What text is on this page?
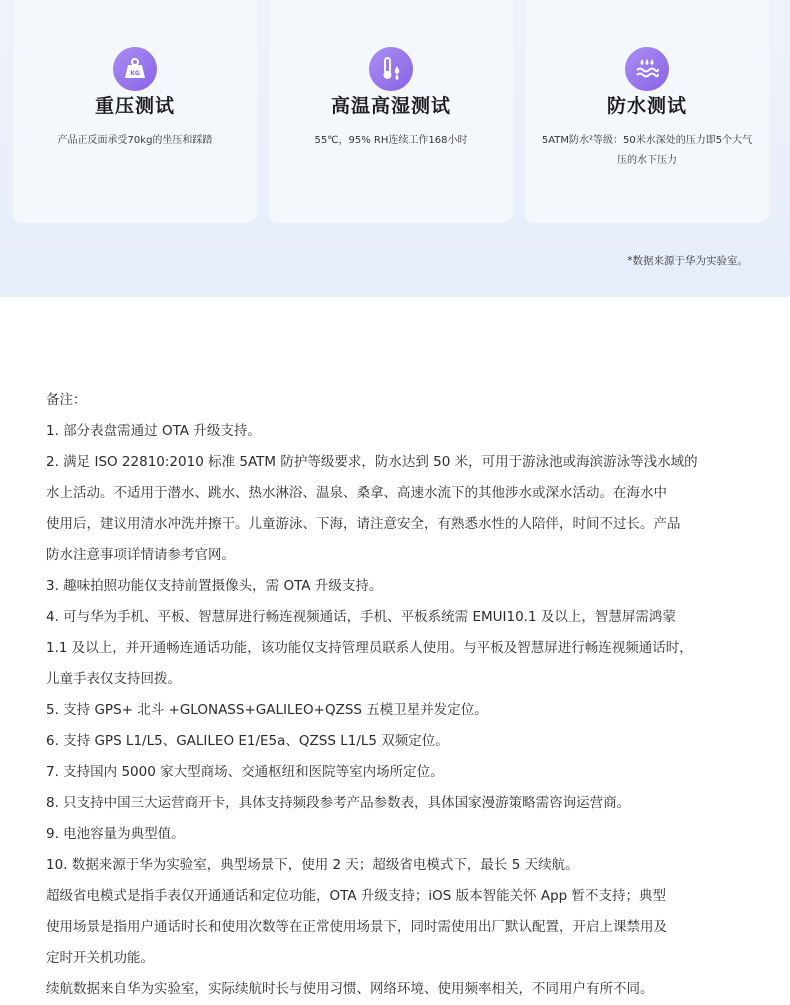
KG
重压测试
产品正反面承受70kg的坐压和踩踏
高温高湿测试
55℃，95% RH连续工作168小时
防水测试
5ATM防水²等级：50米水深处的压力即5个大气压的水下压力
*数据来源于华为实验室。

备注：

1. 部分表盘需通过 OTA 升级支持。

2. 满足 ISO 22810:2010 标准 5ATM 防护等级要求，防水达到 50 米，可用于游泳池或海滨游泳等浅水域的

水上活动。不适用于潜水、跳水、热水淋浴、温泉、桑拿、高速水流下的其他涉水或深水活动。在海水中

使用后，建议用清水冲洗并擦干。儿童游泳、下海，请注意安全，有熟悉水性的人陪伴，时间不过长。产品

防水注意事项详情请参考官网。

3. 趣味拍照功能仅支持前置摄像头，需 OTA 升级支持。

4. 可与华为手机、平板、智慧屏进行畅连视频通话，手机、平板系统需 EMUI10.1 及以上，智慧屏需鸿蒙

1.1 及以上，并开通畅连通话功能，该功能仅支持管理员联系人使用。与平板及智慧屏进行畅连视频通话时，

儿童手表仅支持回拨。

5. 支持 GPS+ 北斗 +GLONASS+GALILEO+QZSS 五模卫星并发定位。

6. 支持 GPS L1/L5、GALILEO E1/E5a、QZSS L1/L5 双频定位。

7. 支持国内 5000 家大型商场、交通枢纽和医院等室内场所定位。

8. 只支持中国三大运营商开卡，具体支持频段参考产品参数表，具体国家漫游策略需咨询运营商。

9. 电池容量为典型值。

10. 数据来源于华为实验室，典型场景下，使用 2 天；超级省电模式下，最长 5 天续航。

超级省电模式是指手表仅开通通话和定位功能，OTA 升级支持；iOS 版本智能关怀 App 暂不支持；典型

使用场景是指用户通话时长和使用次数等在正常使用场景下，同时需使用出厂默认配置，开启上课禁用及

定时开关机功能。

续航数据来自华为实验室，实际续航时长与使用习惯、网络环境、使用频率相关，不同用户有所不同。
